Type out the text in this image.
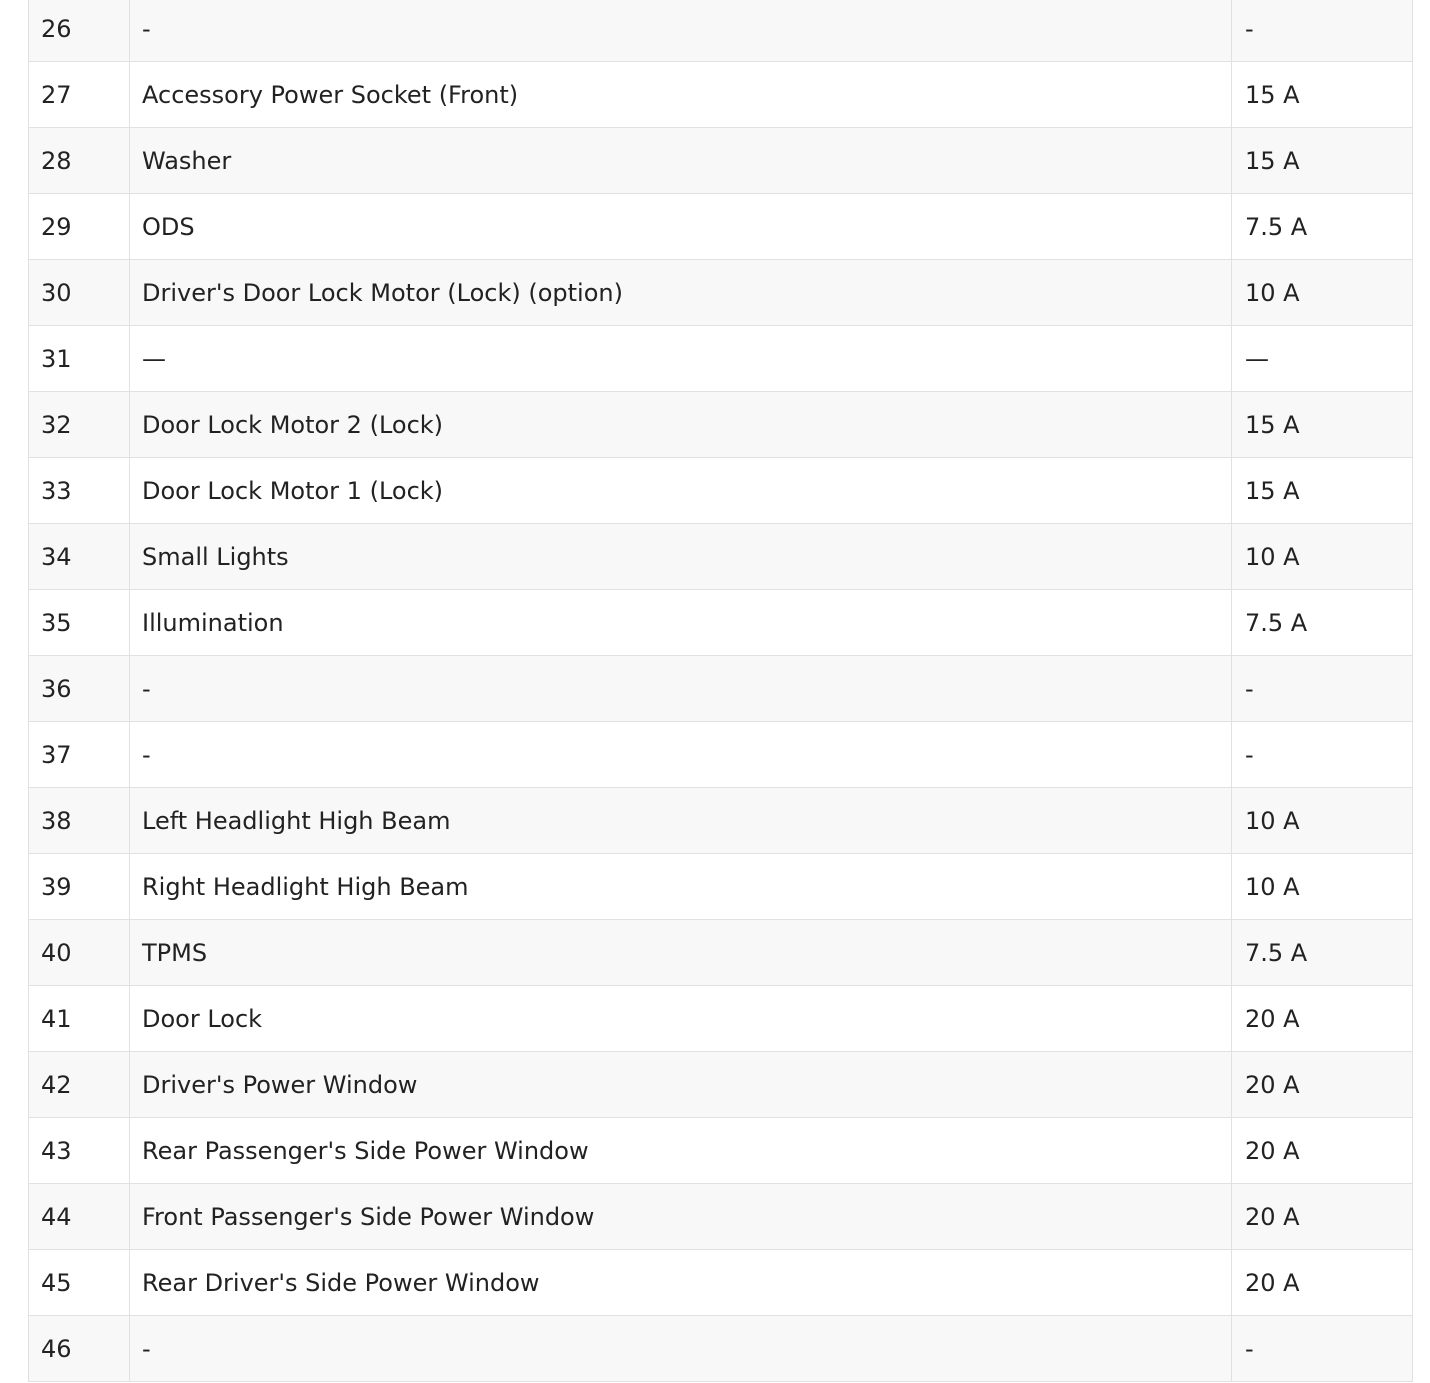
26	-	-
27	Accessory Power Socket (Front)	15 A
28	Washer	15 A
29	ODS	7.5 A
30	Driver's Door Lock Motor (Lock) (option)	10 A
31	—	—
32	Door Lock Motor 2 (Lock)	15 A
33	Door Lock Motor 1 (Lock)	15 A
34	Small Lights	10 A
35	Illumination	7.5 A
36	-	-
37	-	-
38	Left Headlight High Beam	10 A
39	Right Headlight High Beam	10 A
40	TPMS	7.5 A
41	Door Lock	20 A
42	Driver's Power Window	20 A
43	Rear Passenger's Side Power Window	20 A
44	Front Passenger's Side Power Window	20 A
45	Rear Driver's Side Power Window	20 A
46	-	-
